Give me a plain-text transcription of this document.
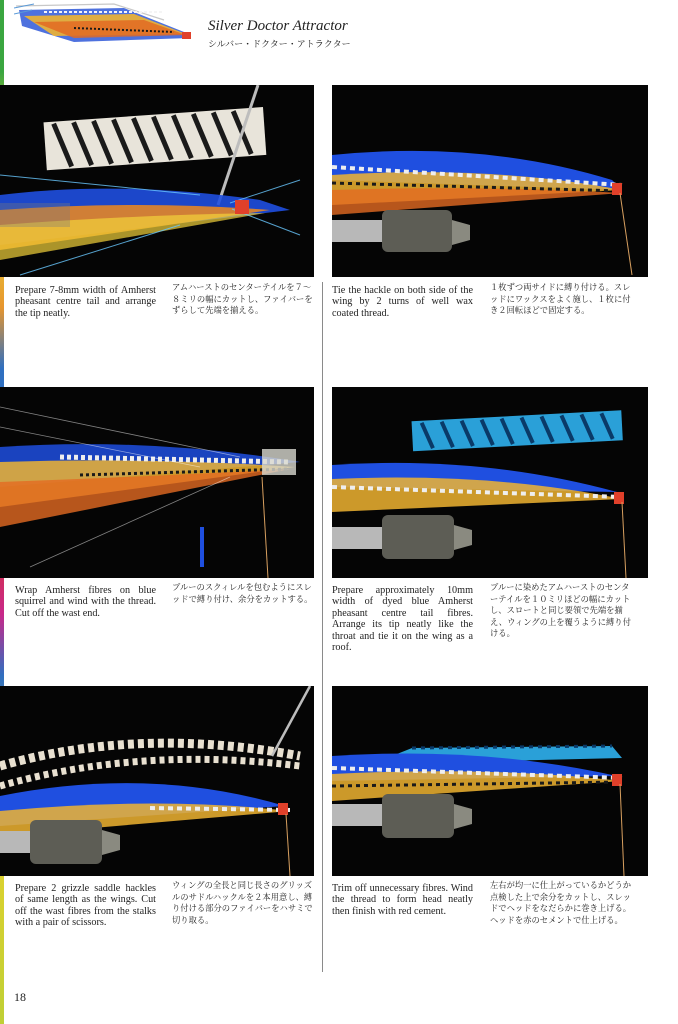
Silver Doctor Attractor
シルバー・ドクター・アトラクター
Prepare 7-8mm width of Amherst pheasant centre tail and arrange the tip neatly.
アムハーストのセンターテイルを７～８ミリの幅にカットし、ファイバーをずらして先端を揃える。
Tie the hackle on both side of the wing by 2 turns of well wax coated thread.
１枚ずつ両サイドに縛り付ける。スレッドにワックスをよく施し、１枚に付き２回転ほどで固定する。
Wrap Amherst fibres on blue squirrel and wind with the thread. Cut off the wast end.
ブルーのスクィレルを包むようにスレッドで縛り付け、余分をカットする。
Prepare approximately 10mm width of dyed blue Amherst pheasant centre tail fibres. Arrange its tip neatly like the throat and tie it on the wing as a roof.
ブルーに染めたアムハーストのセンターテイルを１０ミリほどの幅にカットし、スロートと同じ要領で先端を揃え、ウィングの上を覆うように縛り付ける。
Prepare 2 grizzle saddle hackles of same length as the wings. Cut off the wast fibres from the stalks with a pair of scissors.
ウィングの全長と同じ長さのグリッズルのサドルハックルを２本用意し、縛り付ける部分のファイバーをハサミで切り取る。
Trim off unnecessary fibres. Wind the thread to form head neatly then finish with red cement.
左右が均一に仕上がっているかどうか点検した上で余分をカットし、スレッドでヘッドをなだらかに巻き上げる。ヘッドを赤のセメントで仕上げる。
18
